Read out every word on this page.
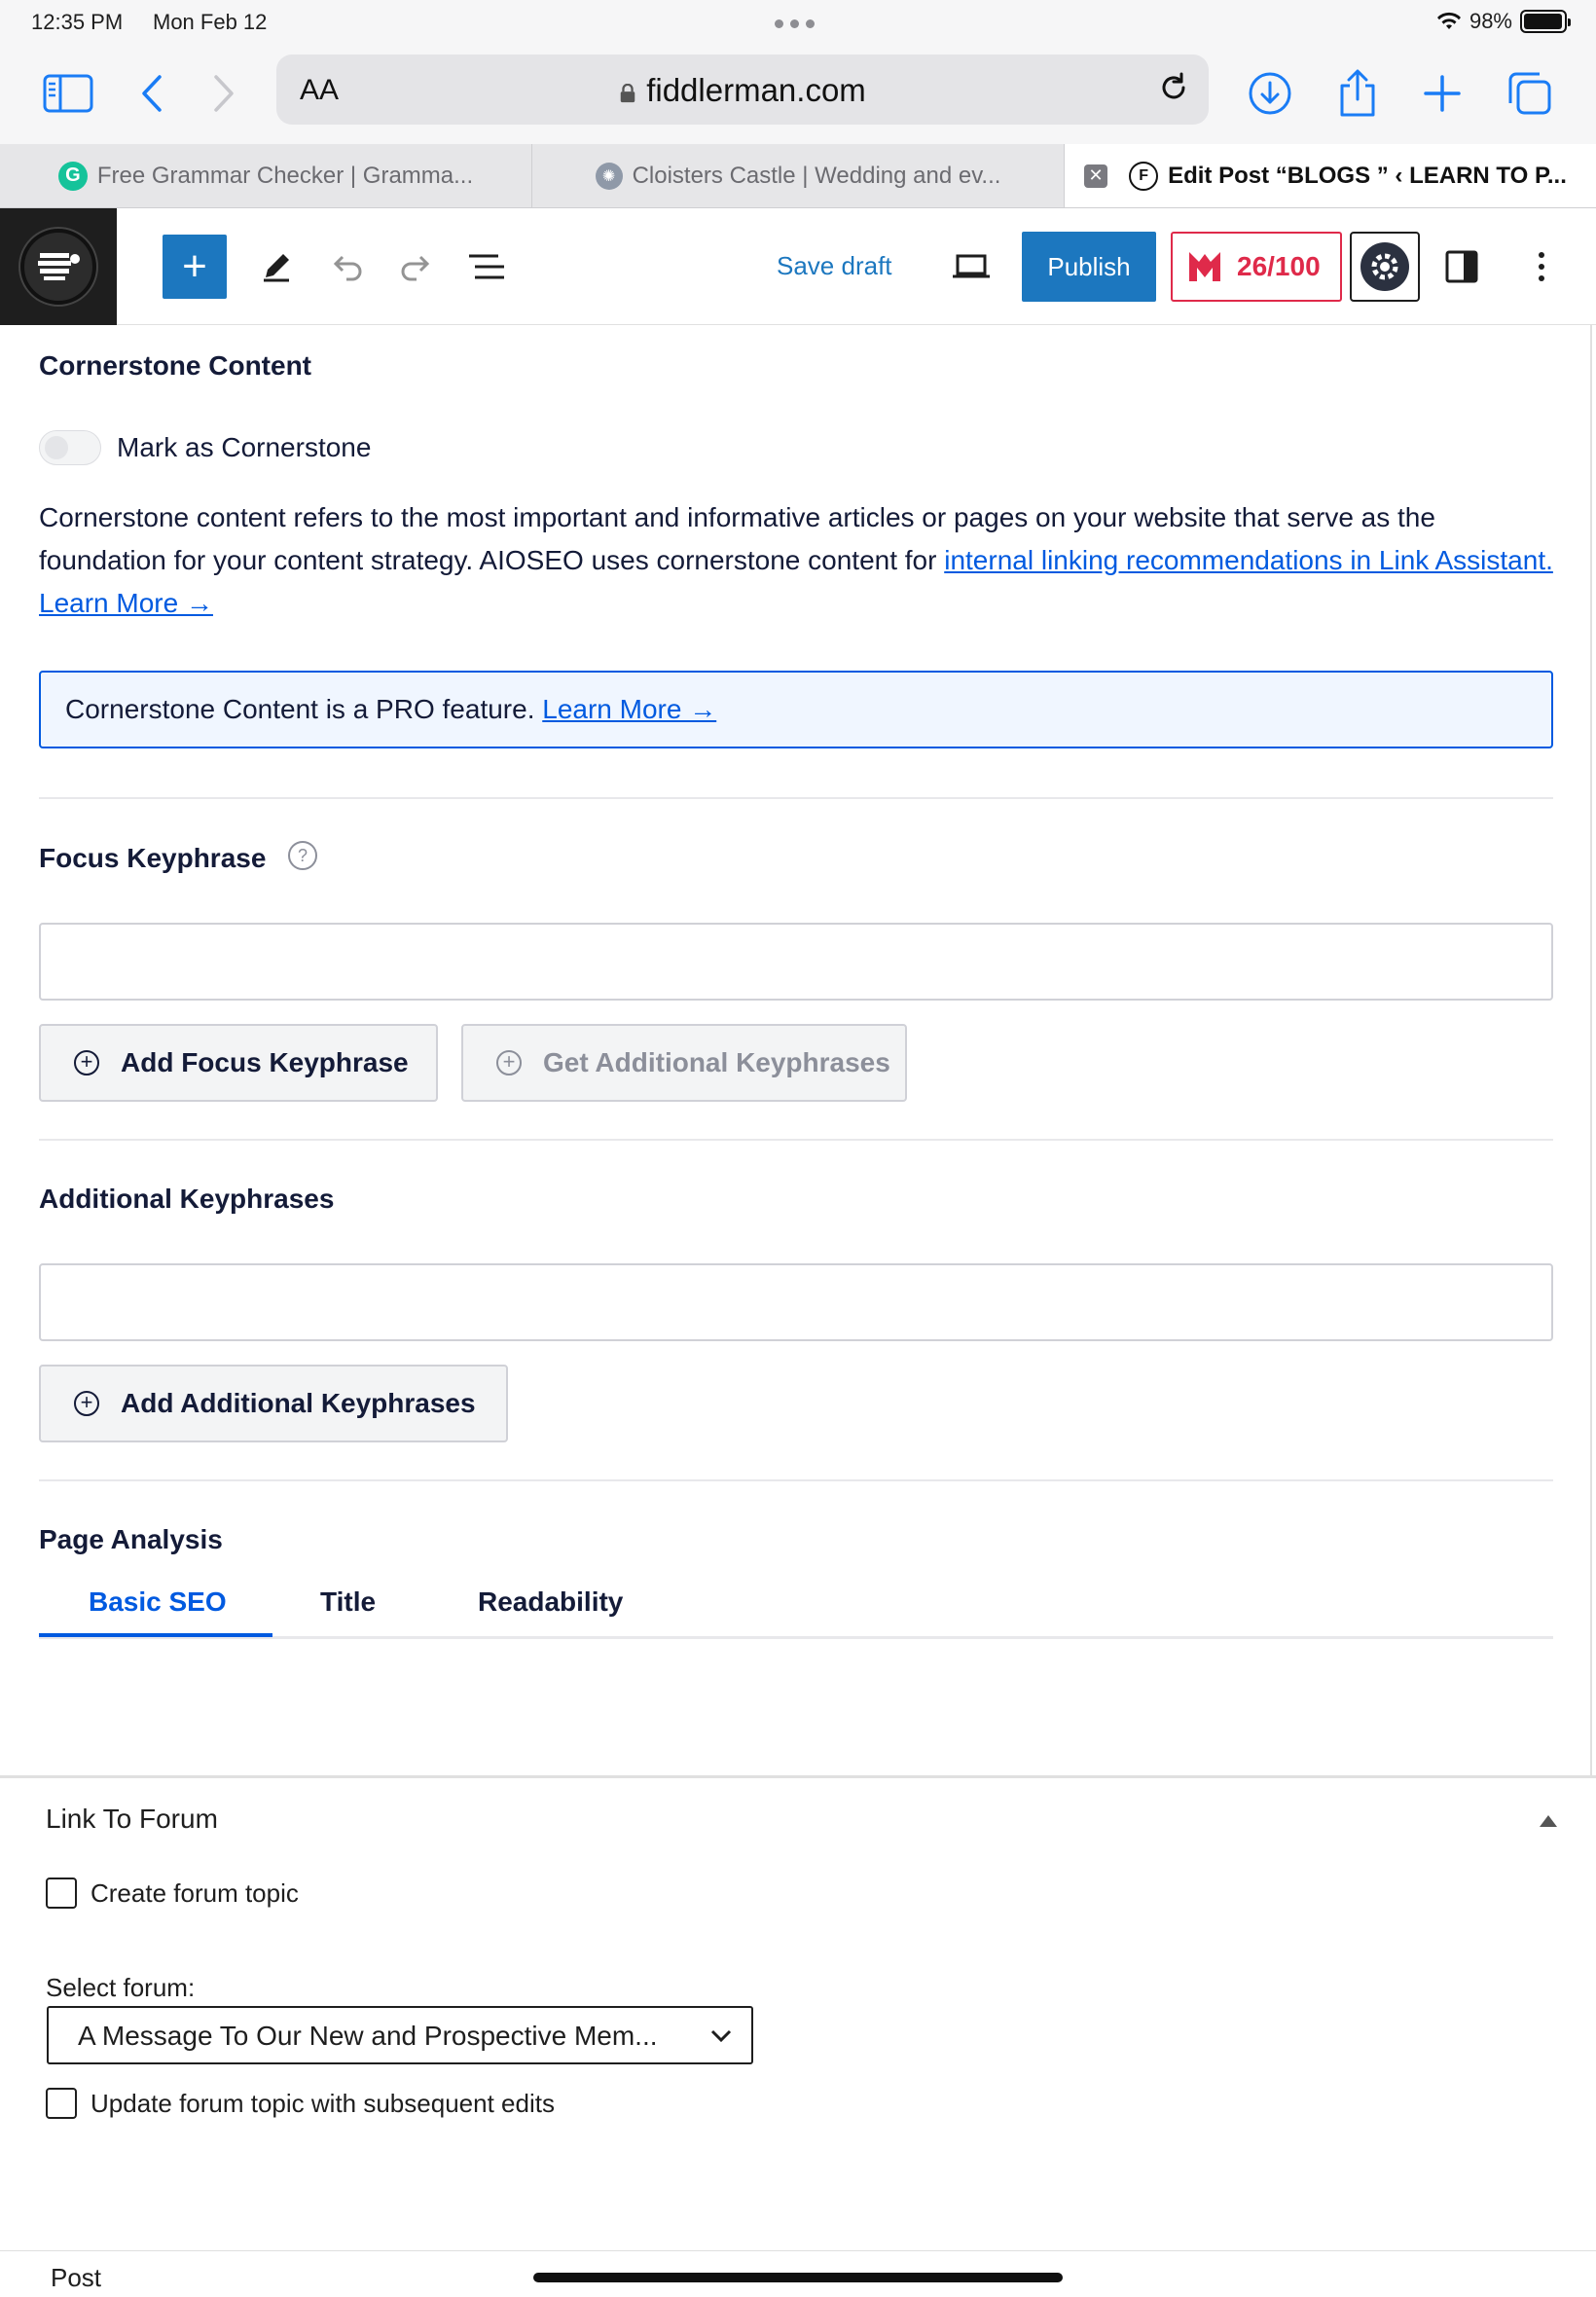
12:35 PM Mon Feb 12	98%
AA	fiddlerman.com
G Free Grammar Checker | Gramma...	✺ Cloisters Castle | Wedding and ev...	✕	F Edit Post “BLOGS ” ‹ LEARN TO P...
+	Save draft	Publish	26/100
Cornerstone Content
Mark as Cornerstone
Cornerstone content refers to the most important and informative articles or pages on your website that serve as the foundation for your content strategy. AIOSEO uses cornerstone content for internal linking recommendations in Link Assistant. Learn More →
Cornerstone Content is a PRO feature. Learn More →
Focus Keyphrase	?
+ Add Focus Keyphrase	+ Get Additional Keyphrases
Additional Keyphrases
+ Add Additional Keyphrases
Page Analysis
Basic SEO	Title	Readability
Link To Forum
Create forum topic
Select forum:
A Message To Our New and Prospective Mem...
Update forum topic with subsequent edits
Post
